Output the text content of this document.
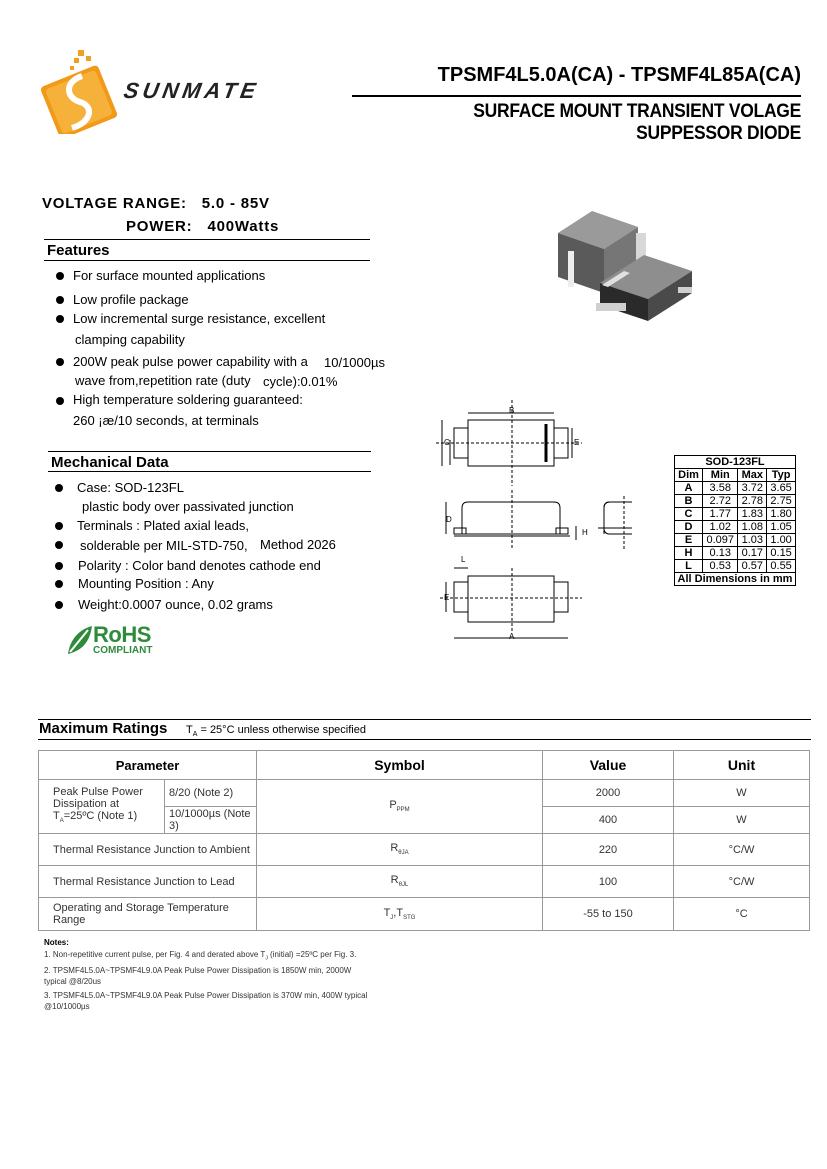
SUNMATE
TPSMF4L5.0A(CA) - TPSMF4L85A(CA)
SURFACE MOUNT TRANSIENT VOLAGE SUPPESSOR DIODE
VOLTAGE RANGE: 5.0 - 85V
POWER: 400Watts
Features
For surface mounted applications
Low profile package
Low incremental surge resistance, excellent
clamping capability
200W peak pulse power capability with a 10/1000µs
wave from,repetition rate (duty cycle):0.01%
High temperature soldering guaranteed:
260 ¡æ/10 seconds, at terminals
Mechanical Data
Case: SOD-123FL
plastic body over passivated junction
Terminals : Plated axial leads,
solderable per MIL-STD-750, Method 2026
Polarity : Color band denotes cathode end
Mounting Position : Any
Weight:0.0007 ounce, 0.02 grams
RoHS
COMPLIANT
B
C	E
D
H
L
E
A
SOD-123FL			
Dim	Min	Max	Typ
A	3.58	3.72	3.65
B	2.72	2.78	2.75
C	1.77	1.83	1.80
D	1.02	1.08	1.05
E	0.097	1.03	1.00
H	0.13	0.17	0.15
L	0.53	0.57	0.55
All Dimensions in mm			
Maximum Ratings $T_A = 25^\circ C$ unless otherwise specified
Parameter		Symbol	Value	Unit

Peak Pulse Power
Dissipation at
$T_A=25ºC$ (Note 1)	8/20 (Note 2)	$P_{PPM}$	2000	W
	10/1000µs (Note 3)		400	W
Thermal Resistance Junction to Ambient		$R_{\theta JA}$	220	°C/W
Thermal Resistance Junction to Lead		$R_{\theta JL}$	100	°C/W
Operating and Storage Temperature Range		$T_J,T_{STG}$	-55 to 150	°C
Notes:
1. Non-repetitive current pulse, per Fig. 4 and derated above $T_J$ (initial) =25ºC per Fig. 3.
2. TPSMF4L5.0A~TPSMF4L9.0A Peak Pulse Power Dissipation is 1850W min, 2000W typical @8/20us
3. TPSMF4L5.0A~TPSMF4L9.0A Peak Pulse Power Dissipation is 370W min, 400W typical @10/1000µs
